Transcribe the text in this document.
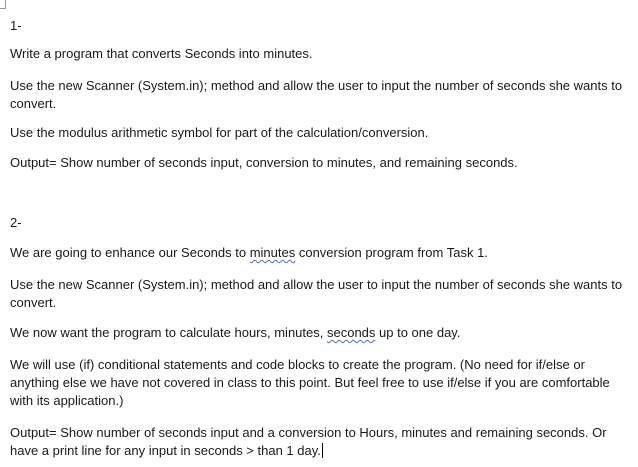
1-

Write a program that converts Seconds into minutes.

Use the new Scanner (System.in); method and allow the user to input the number of seconds she wants to convert.

Use the modulus arithmetic symbol for part of the calculation/conversion.

Output= Show number of seconds input, conversion to minutes, and remaining seconds.

2-

We are going to enhance our Seconds to minutes conversion program from Task 1.

Use the new Scanner (System.in); method and allow the user to input the number of seconds she wants to convert.

We now want the program to calculate hours, minutes, seconds up to one day.

We will use (if) conditional statements and code blocks to create the program. (No need for if/else or anything else we have not covered in class to this point. But feel free to use if/else if you are comfortable with its application.)

Output= Show number of seconds input and a conversion to Hours, minutes and remaining seconds. Or have a print line for any input in seconds > than 1 day.
